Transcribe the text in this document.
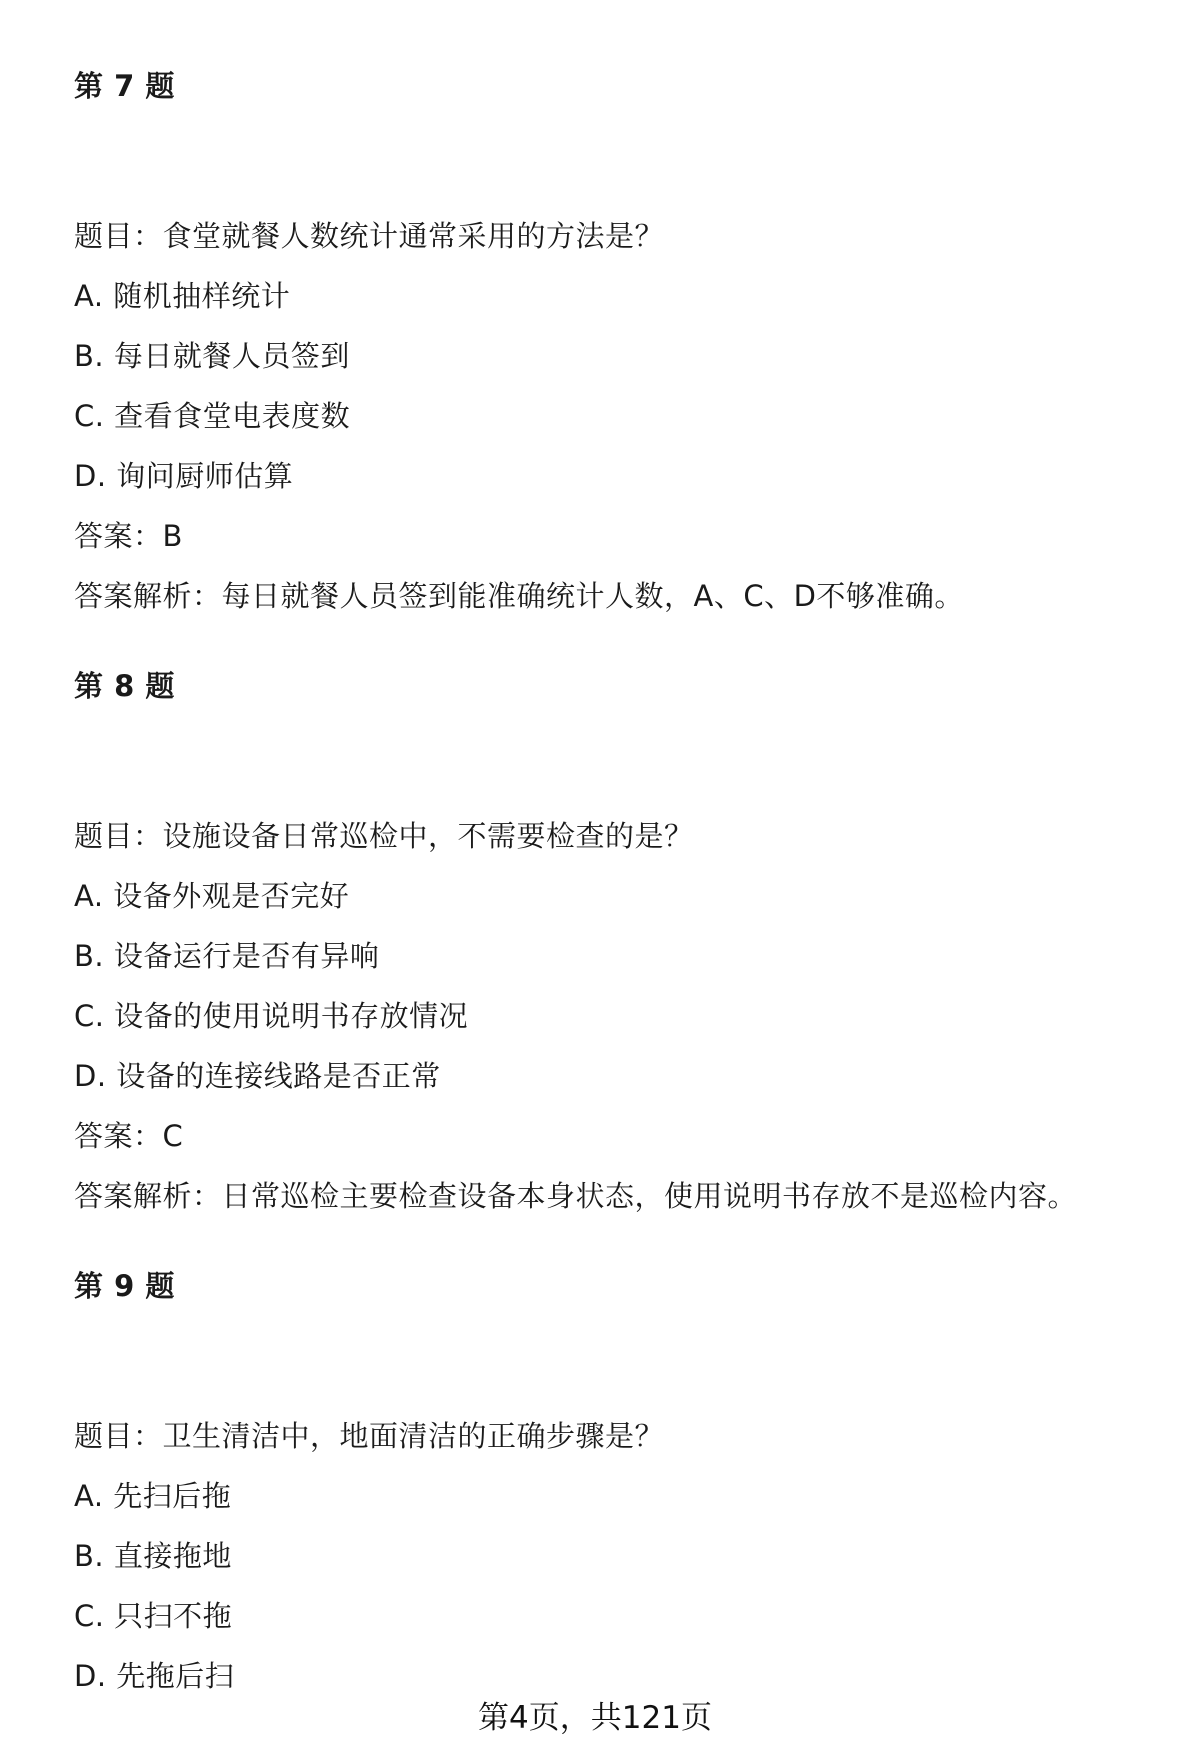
第 7 题
题目：食堂就餐人数统计通常采用的方法是？
A. 随机抽样统计
B. 每日就餐人员签到
C. 查看食堂电表度数
D. 询问厨师估算
答案：B
答案解析：每日就餐人员签到能准确统计人数，A、C、D不够准确。
第 8 题
题目：设施设备日常巡检中，不需要检查的是？
A. 设备外观是否完好
B. 设备运行是否有异响
C. 设备的使用说明书存放情况
D. 设备的连接线路是否正常
答案：C
答案解析：日常巡检主要检查设备本身状态，使用说明书存放不是巡检内容。
第 9 题
题目：卫生清洁中，地面清洁的正确步骤是？
A. 先扫后拖
B. 直接拖地
C. 只扫不拖
D. 先拖后扫
第4页，共121页
